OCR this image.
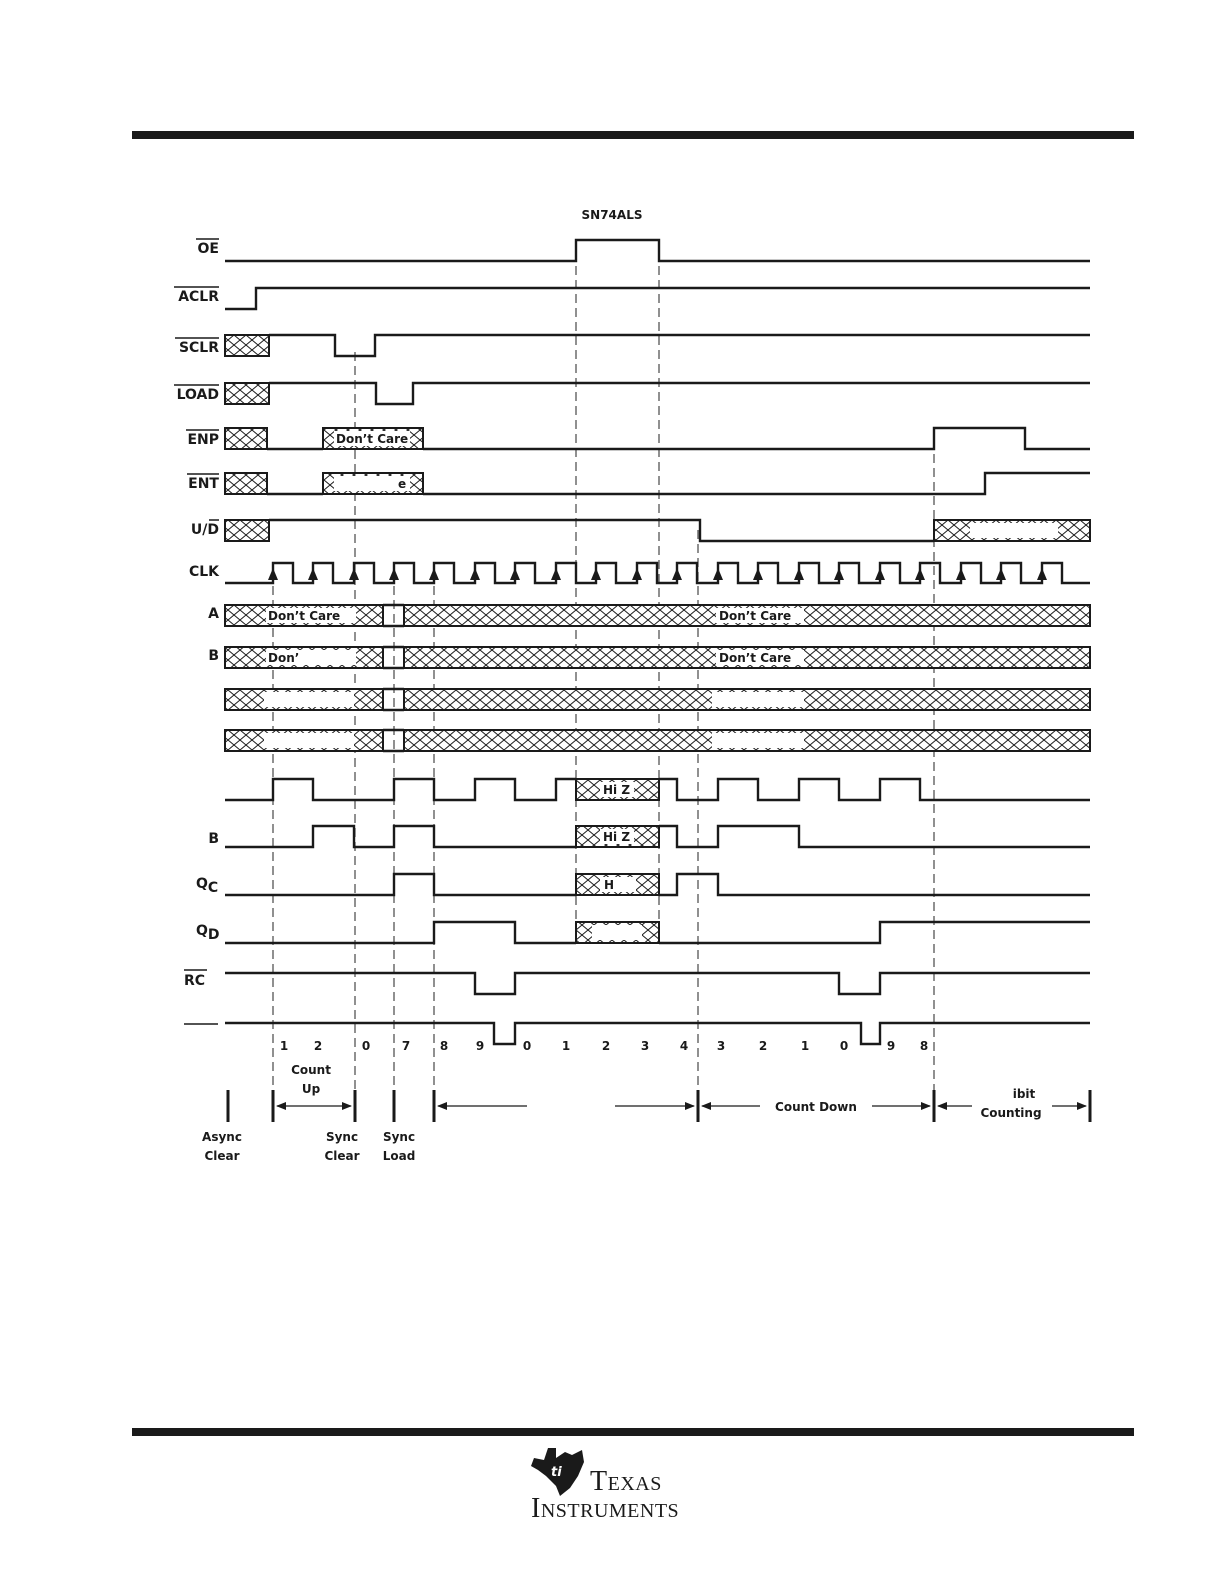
SN74ALS
OE
ACLR
SCLR
LOAD
ENP
ENT
U/D
CLK
A
B
B
QC
QD
RC
Don’t Care
e
Don’t Care	Don’t Care
Don’	Don’t Care
Hi Z
Hi Z
H
1 2	0	7 8 9	0	1	2	3	4 3	2	1	0	9 8
Count
Up
Count Down
ibit
Counting
Async
Clear
Sync
Clear
Sync
Load
ti Texas
Instruments
